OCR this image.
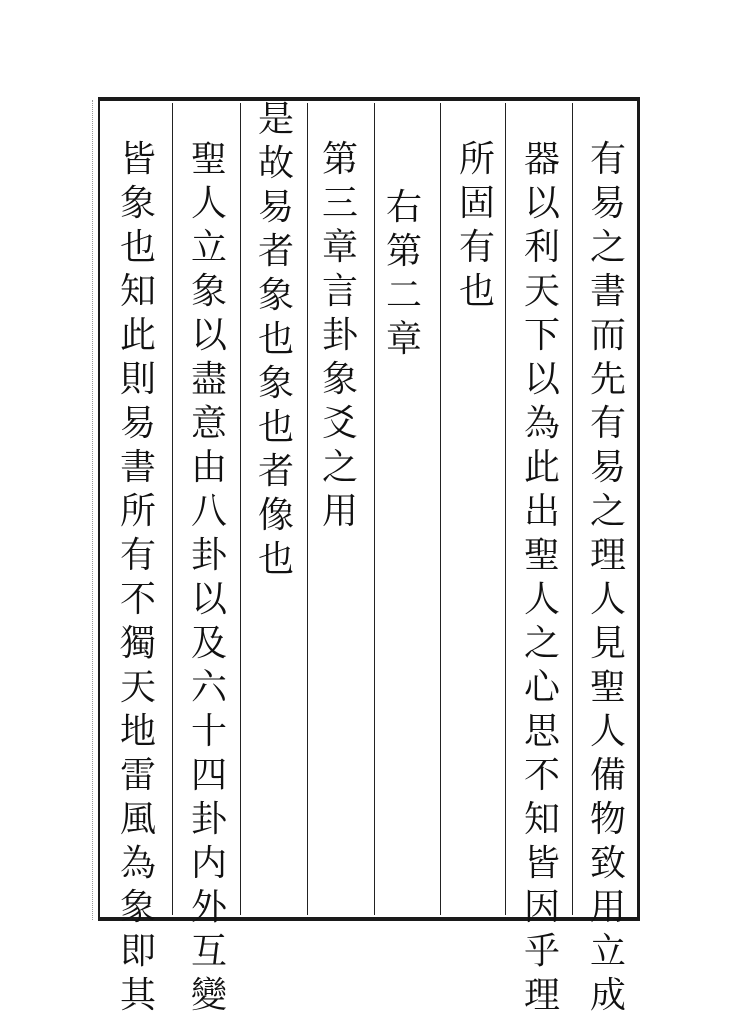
有
易
之
書
而
先
有
易
之
理
人
見
聖
人
備
物
致
用
立
成
器
以
利
天
下
以
為
此
出
聖
人
之
心
思
不
知
皆
因
乎
理
所
固
有
也
右
第
二
章
第
三
章
言
卦
象
爻
之
用
是
故
易
者
象
也
象
也
者
像
也
聖
人
立
象
以
盡
意
由
八
卦
以
及
六
十
四
卦
内
外
互
變
皆
象
也
知
此
則
易
書
所
有
不
獨
天
地
雷
風
為
象
即
其
